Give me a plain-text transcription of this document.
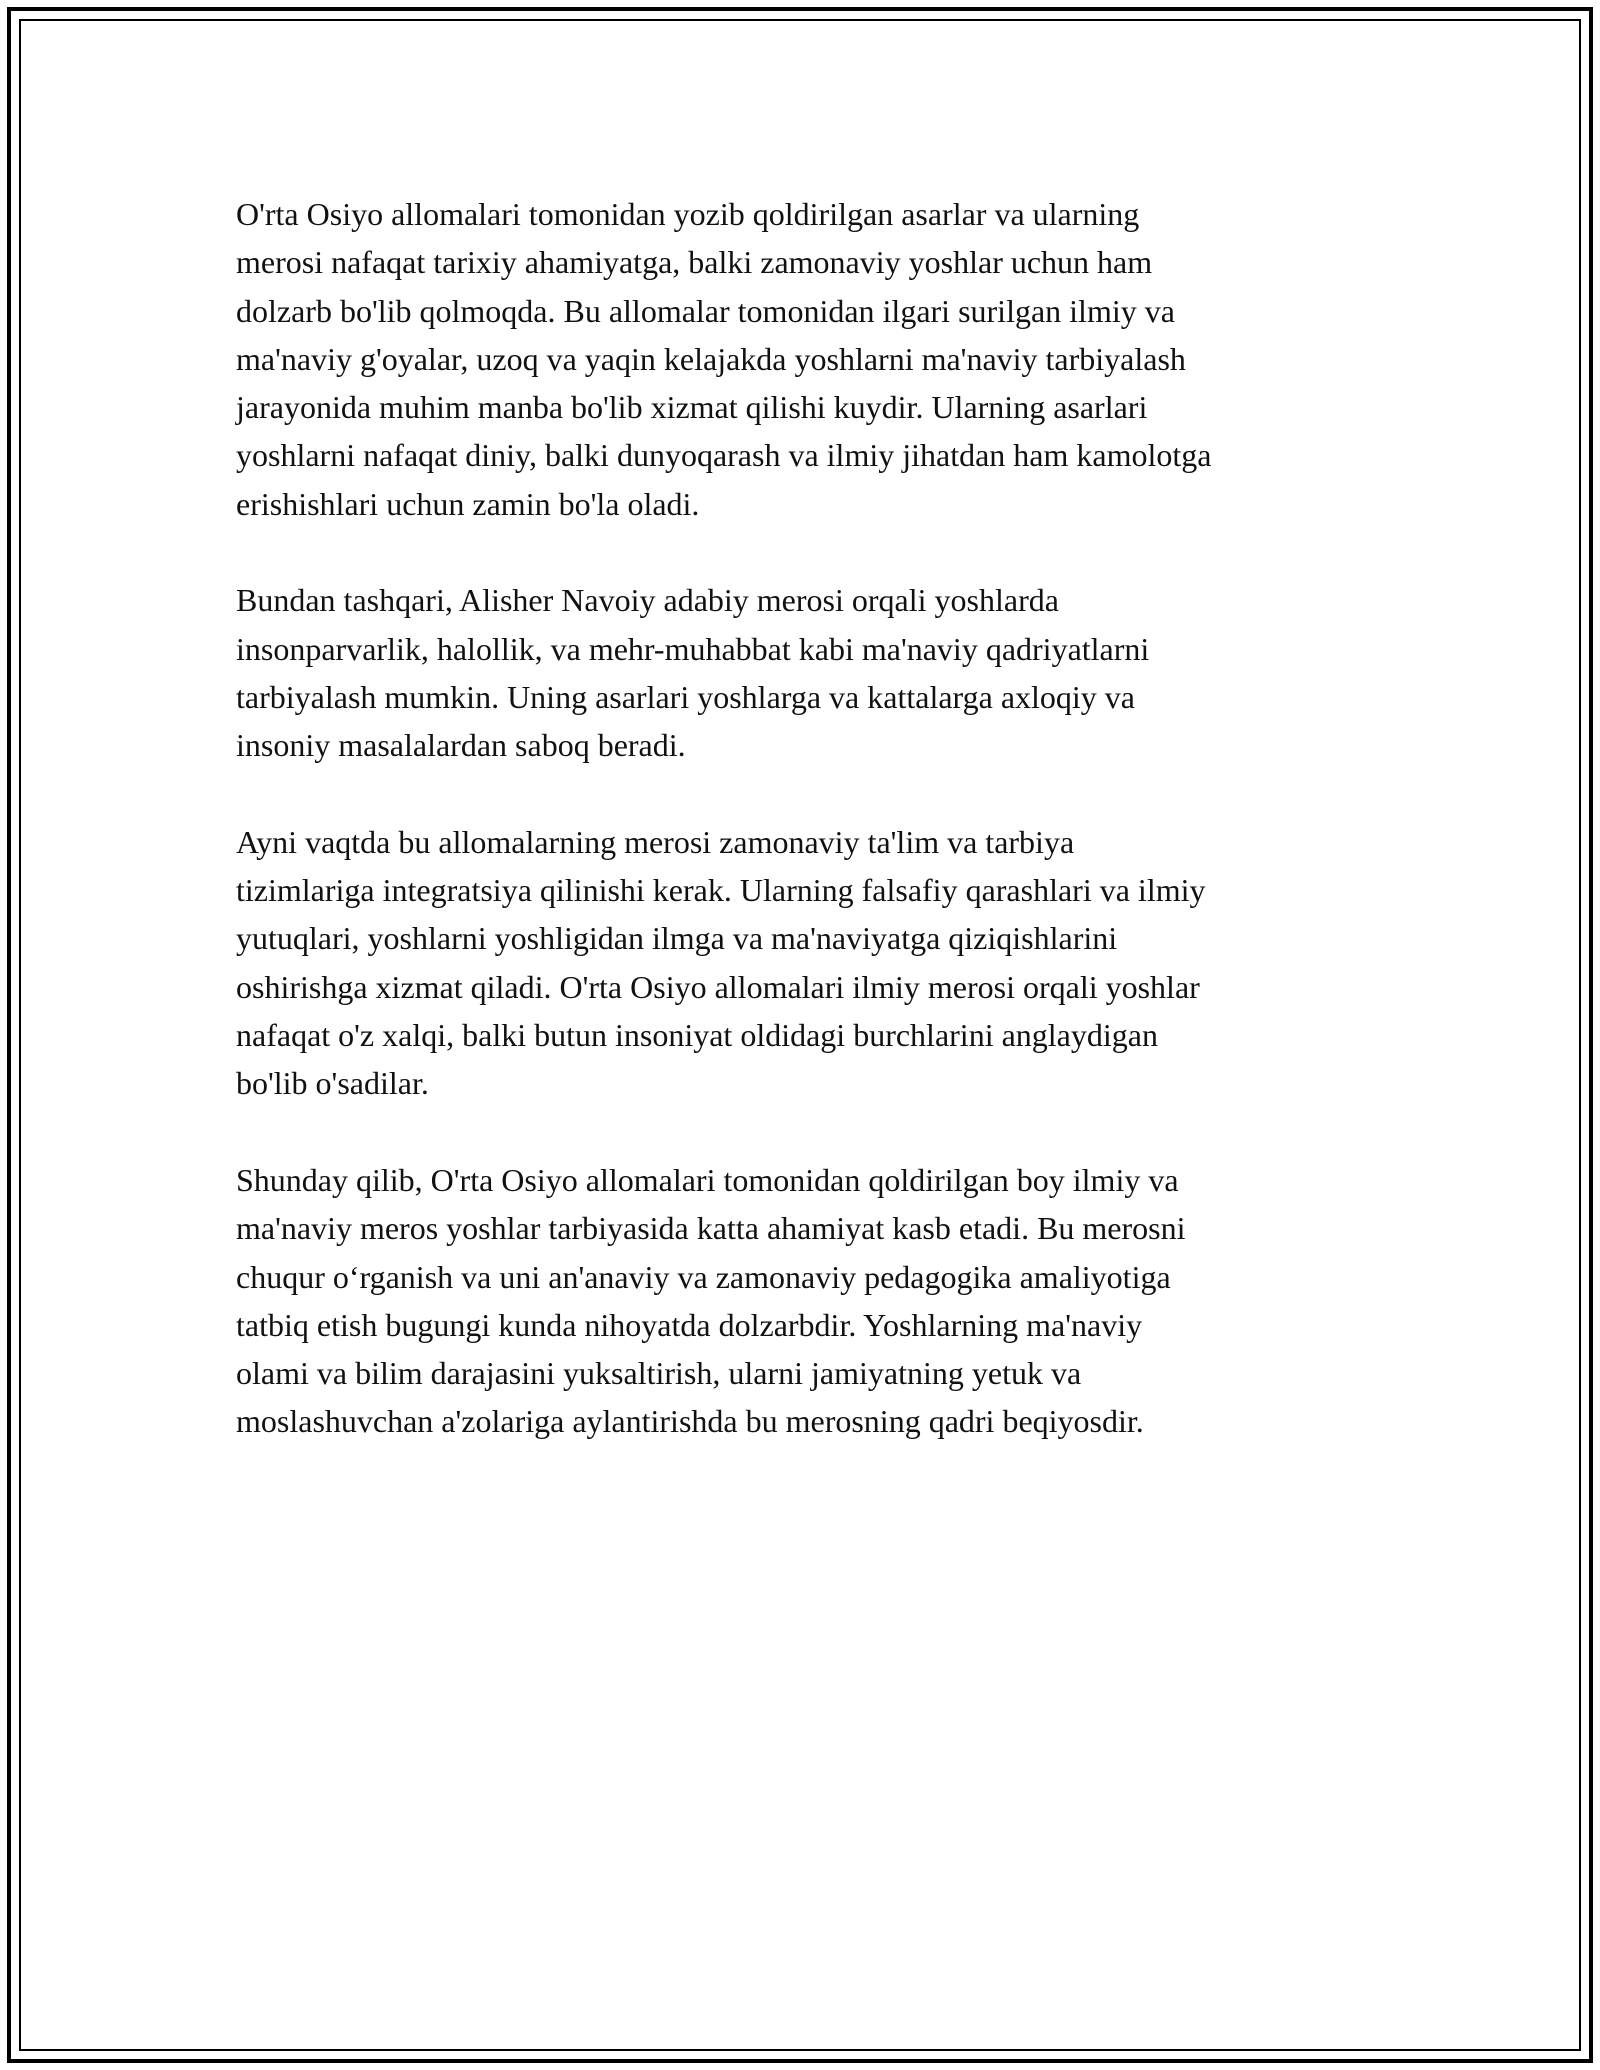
O'rta Osiyo allomalari tomonidan yozib qoldirilgan asarlar va ularning
merosi nafaqat tarixiy ahamiyatga, balki zamonaviy yoshlar uchun ham
dolzarb bo'lib qolmoqda. Bu allomalar tomonidan ilgari surilgan ilmiy va
ma'naviy g'oyalar, uzoq va yaqin kelajakda yoshlarni ma'naviy tarbiyalash
jarayonida muhim manba bo'lib xizmat qilishi kuydir. Ularning asarlari
yoshlarni nafaqat diniy, balki dunyoqarash va ilmiy jihatdan ham kamolotga
erishishlari uchun zamin bo'la oladi.

Bundan tashqari, Alisher Navoiy adabiy merosi orqali yoshlarda
insonparvarlik, halollik, va mehr-muhabbat kabi ma'naviy qadriyatlarni
tarbiyalash mumkin. Uning asarlari yoshlarga va kattalarga axloqiy va
insoniy masalalardan saboq beradi.

Ayni vaqtda bu allomalarning merosi zamonaviy ta'lim va tarbiya
tizimlariga integratsiya qilinishi kerak. Ularning falsafiy qarashlari va ilmiy
yutuqlari, yoshlarni yoshligidan ilmga va ma'naviyatga qiziqishlarini
oshirishga xizmat qiladi. O'rta Osiyo allomalari ilmiy merosi orqali yoshlar
nafaqat o'z xalqi, balki butun insoniyat oldidagi burchlarini anglaydigan
bo'lib o'sadilar.

Shunday qilib, O'rta Osiyo allomalari tomonidan qoldirilgan boy ilmiy va
ma'naviy meros yoshlar tarbiyasida katta ahamiyat kasb etadi. Bu merosni
chuqur o‘rganish va uni an'anaviy va zamonaviy pedagogika amaliyotiga
tatbiq etish bugungi kunda nihoyatda dolzarbdir. Yoshlarning ma'naviy
olami va bilim darajasini yuksaltirish, ularni jamiyatning yetuk va
moslashuvchan a'zolariga aylantirishda bu merosning qadri beqiyosdir.
